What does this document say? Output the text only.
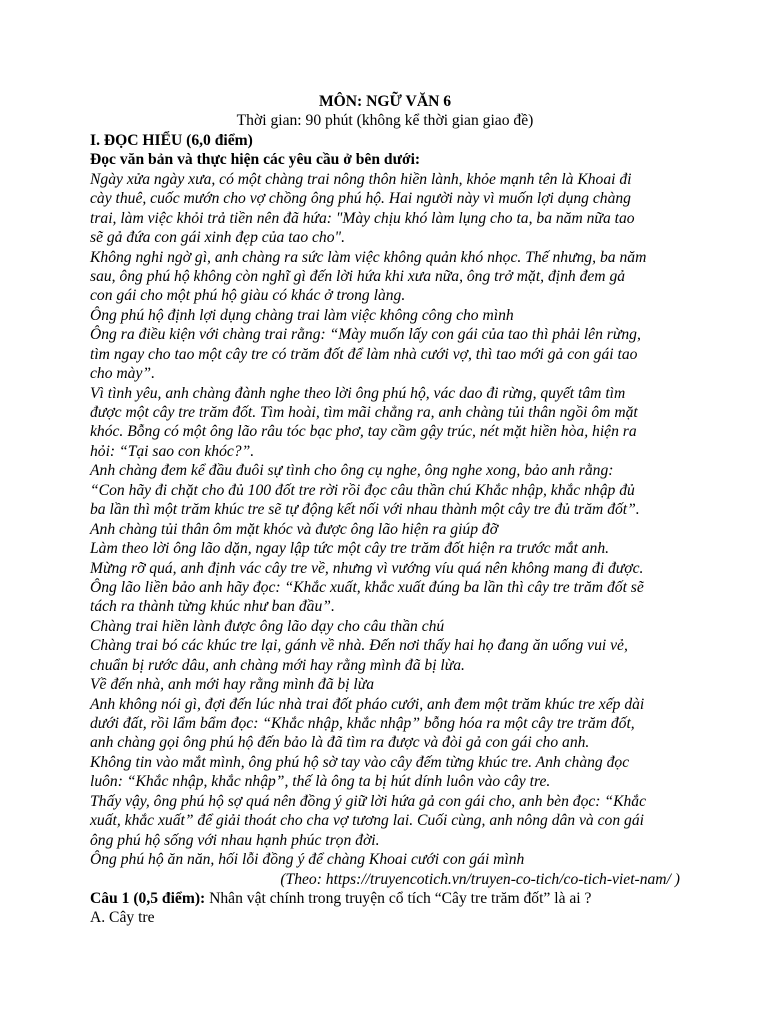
MÔN: NGỮ VĂN 6
Thời gian: 90 phút (không kể thời gian giao đề)
I. ĐỌC HIỂU (6,0 điểm)
Đọc văn bản và thực hiện các yêu cầu ở bên dưới:
Ngày xửa ngày xưa, có một chàng trai nông thôn hiền lành, khỏe mạnh tên là Khoai đi
cày thuê, cuốc mướn cho vợ chồng ông phú hộ. Hai người này vì muốn lợi dụng chàng
trai, làm việc khỏi trả tiền nên đã hứa: "Mày chịu khó làm lụng cho ta, ba năm nữa tao
sẽ gả đứa con gái xinh đẹp của tao cho".
Không nghi ngờ gì, anh chàng ra sức làm việc không quản khó nhọc. Thế nhưng, ba năm
sau, ông phú hộ không còn nghĩ gì đến lời hứa khi xưa nữa, ông trở mặt, định đem gả
con gái cho một phú hộ giàu có khác ở trong làng.
Ông phú hộ định lợi dụng chàng trai làm việc không công cho mình
Ông ra điều kiện với chàng trai rằng: “Mày muốn lấy con gái của tao thì phải lên rừng,
tìm ngay cho tao một cây tre có trăm đốt để làm nhà cưới vợ, thì tao mới gả con gái tao
cho mày”.
Vì tình yêu, anh chàng đành nghe theo lời ông phú hộ, vác dao đi rừng, quyết tâm tìm
được một cây tre trăm đốt. Tìm hoài, tìm mãi chẳng ra, anh chàng tủi thân ngồi ôm mặt
khóc. Bỗng có một ông lão râu tóc bạc phơ, tay cầm gậy trúc, nét mặt hiền hòa, hiện ra
hỏi: “Tại sao con khóc?”.
Anh chàng đem kể đầu đuôi sự tình cho ông cụ nghe, ông nghe xong, bảo anh rằng:
“Con hãy đi chặt cho đủ 100 đốt tre rời rồi đọc câu thần chú Khắc nhập, khắc nhập đủ
ba lần thì một trăm khúc tre sẽ tự động kết nối với nhau thành một cây tre đủ trăm đốt”.
Anh chàng tủi thân ôm mặt khóc và được ông lão hiện ra giúp đỡ
Làm theo lời ông lão dặn, ngay lập tức một cây tre trăm đốt hiện ra trước mắt anh.
Mừng rỡ quá, anh định vác cây tre về, nhưng vì vướng víu quá nên không mang đi được.
Ông lão liền bảo anh hãy đọc: “Khắc xuất, khắc xuất đúng ba lần thì cây tre trăm đốt sẽ
tách ra thành từng khúc như ban đầu”.
Chàng trai hiền lành được ông lão dạy cho câu thần chú
Chàng trai bó các khúc tre lại, gánh về nhà. Đến nơi thấy hai họ đang ăn uống vui vẻ,
chuẩn bị rước dâu, anh chàng mới hay rằng mình đã bị lừa.
Về đến nhà, anh mới hay rằng mình đã bị lừa
Anh không nói gì, đợi đến lúc nhà trai đốt pháo cưới, anh đem một trăm khúc tre xếp dài
dưới đất, rồi lẩm bẩm đọc: “Khắc nhập, khắc nhập” bỗng hóa ra một cây tre trăm đốt,
anh chàng gọi ông phú hộ đến bảo là đã tìm ra được và đòi gả con gái cho anh.
Không tin vào mắt mình, ông phú hộ sờ tay vào cây đếm từng khúc tre. Anh chàng đọc
luôn: “Khắc nhập, khắc nhập”, thế là ông ta bị hút dính luôn vào cây tre.
Thấy vậy, ông phú hộ sợ quá nên đồng ý giữ lời hứa gả con gái cho, anh bèn đọc: “Khắc
xuất, khắc xuất” để giải thoát cho cha vợ tương lai. Cuối cùng, anh nông dân và con gái
ông phú hộ sống với nhau hạnh phúc trọn đời.
Ông phú hộ ăn năn, hối lỗi đồng ý để chàng Khoai cưới con gái mình
(Theo: https://truyencotich.vn/truyen-co-tich/co-tich-viet-nam/ )
Câu 1 (0,5 điểm): Nhân vật chính trong truyện cổ tích “Cây tre trăm đốt” là ai ?
A. Cây tre
